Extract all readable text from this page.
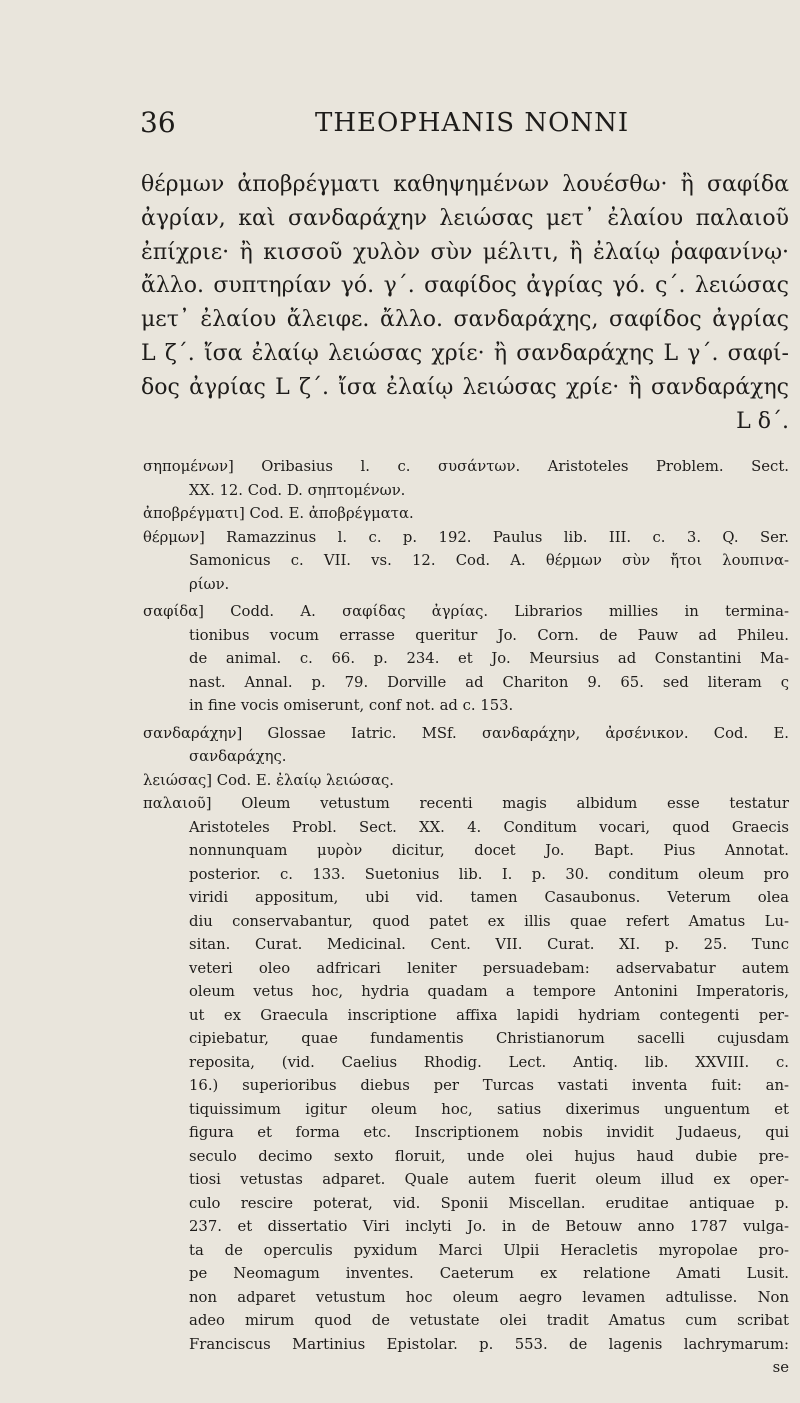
36	THEOPHANIS NONNI
θέρμων ἀποβρέγματι καθηψημένων λουέσθω· ἢ σαφίδα
ἀγρίαν, καὶ σανδαράχην λειώσας μετ᾽ ἐλαίου παλαιοῦ
ἐπίχριε· ἢ κισσοῦ χυλὸν σὺν μέλιτι, ἢ ἐλαίῳ ῥαφανίνῳ·
ἄλλο. συπτηρίαν γό. γ΄. σαφίδος ἀγρίας γό. ς΄. λειώσας
μετ᾽ ἐλαίου ἄλειφε. ἄλλο. σανδαράχης, σαφίδος ἀγρίας
L ζ΄. ἴσα ἐλαίῳ λειώσας χρίε· ἢ σανδαράχης L γ΄. σαφί-
δος ἀγρίας L ζ΄. ἴσα ἐλαίῳ λειώσας χρίε· ἢ σανδαράχης
L δ΄.
σηπομένων] Oribasius l. c. συσάντων. Aristoteles Problem. Sect.
XX. 12. Cod. D. σηπτομένων.
ἀποβρέγματι] Cod. E. ἀποβρέγματα.
θέρμων] Ramazzinus l. c. p. 192. Paulus lib. III. c. 3. Q. Ser.
Samonicus c. VII. vs. 12. Cod. A. θέρμων σὺν ἤτοι λουπινα-
ρίων.
σαφίδα] Codd. A. σαφίδας ἀγρίας. Librarios millies in termina-
tionibus vocum errasse queritur Jo. Corn. de Pauw ad Phileu.
de animal. c. 66. p. 234. et Jo. Meursius ad Constantini Ma-
nast. Annal. p. 79. Dorville ad Chariton 9. 65. sed literam ς
in fine vocis omiserunt, conf not. ad c. 153.
σανδαράχην] Glossae Iatric. MSf. σανδαράχην, ἀρσένικον. Cod. E.
σανδαράχης.
λειώσας] Cod. E. ἐλαίῳ λειώσας.
παλαιοῦ] Oleum vetustum recenti magis albidum esse testatur
Aristoteles Probl. Sect. XX. 4. Conditum vocari, quod Graecis
nonnunquam μυρὸν dicitur, docet Jo. Bapt. Pius Annotat.
posterior. c. 133. Suetonius lib. I. p. 30. conditum oleum pro
viridi appositum, ubi vid. tamen Casaubonus. Veterum olea
diu conservabantur, quod patet ex illis quae refert Amatus Lu-
sitan. Curat. Medicinal. Cent. VII. Curat. XI. p. 25. Tunc
veteri oleo adfricari leniter persuadebam: adservabatur autem
oleum vetus hoc, hydria quadam a tempore Antonini Imperatoris,
ut ex Graecula inscriptione affixa lapidi hydriam contegenti per-
cipiebatur, quae fundamentis Christianorum sacelli cujusdam
reposita, (vid. Caelius Rhodig. Lect. Antiq. lib. XXVIII. c.
16.) superioribus diebus per Turcas vastati inventa fuit: an-
tiquissimum igitur oleum hoc, satius dixerimus unguentum et
figura et forma etc. Inscriptionem nobis invidit Judaeus, qui
seculo decimo sexto floruit, unde olei hujus haud dubie pre-
tiosi vetustas adparet. Quale autem fuerit oleum illud ex oper-
culo rescire poterat, vid. Sponii Miscellan. eruditae antiquae p.
237. et dissertatio Viri inclyti Jo. in de Betouw anno 1787 vulga-
ta de operculis pyxidum Marci Ulpii Heracletis myropolae pro-
pe Neomagum inventes. Caeterum ex relatione Amati Lusit.
non adparet vetustum hoc oleum aegro levamen adtulisse. Non
adeo mirum quod de vetustate olei tradit Amatus cum scribat
Franciscus Martinius Epistolar. p. 553. de lagenis lachrymarum:
se
